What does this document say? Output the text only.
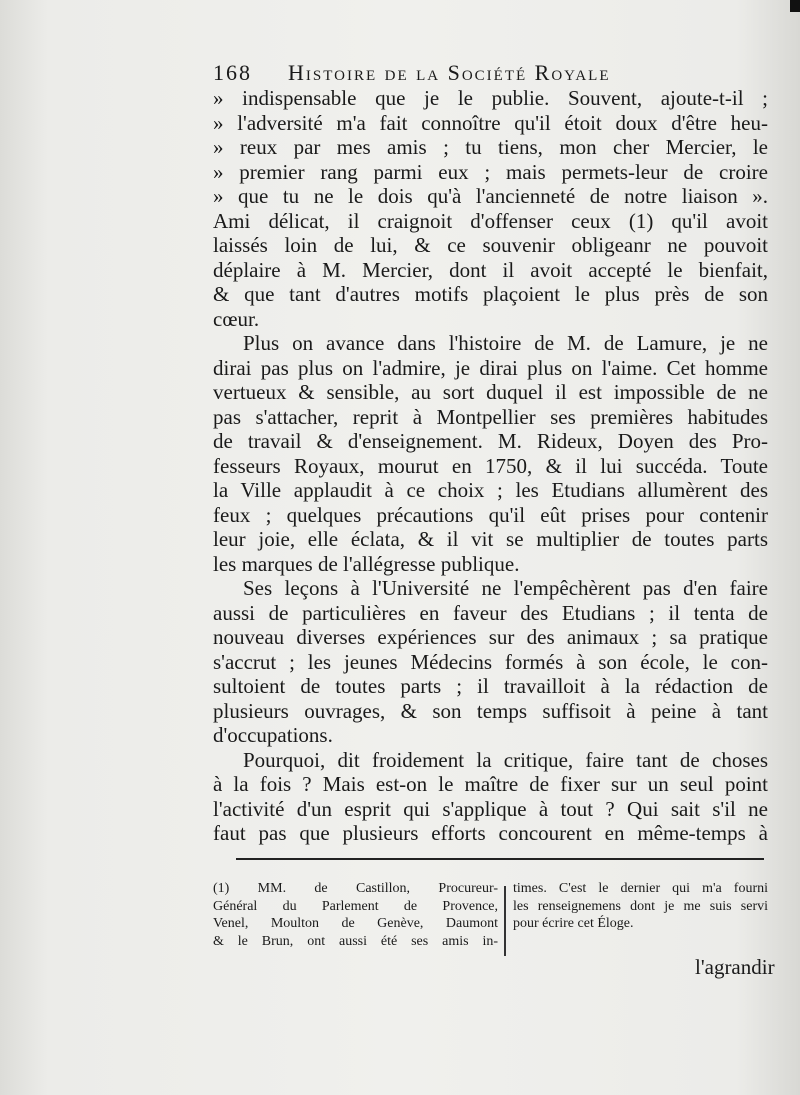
168 Histoire de la Société Royale
» indispensable que je le publie. Souvent, ajoute-t-il ;
» l'adversité m'a fait connoître qu'il étoit doux d'être heu-
» reux par mes amis ; tu tiens, mon cher Mercier, le
» premier rang parmi eux ; mais permets-leur de croire
» que tu ne le dois qu'à l'ancienneté de notre liaison ».
Ami délicat, il craignoit d'offenser ceux (1) qu'il avoit
laissés loin de lui, & ce souvenir obligeanr ne pouvoit
déplaire à M. Mercier, dont il avoit accepté le bienfait,
& que tant d'autres motifs plaçoient le plus près de son
cœur.
Plus on avance dans l'histoire de M. de Lamure, je ne
dirai pas plus on l'admire, je dirai plus on l'aime. Cet homme
vertueux & sensible, au sort duquel il est impossible de ne
pas s'attacher, reprit à Montpellier ses premières habitudes
de travail & d'enseignement. M. Rideux, Doyen des Pro-
fesseurs Royaux, mourut en 1750, & il lui succéda. Toute
la Ville applaudit à ce choix ; les Etudians allumèrent des
feux ; quelques précautions qu'il eût prises pour contenir
leur joie, elle éclata, & il vit se multiplier de toutes parts
les marques de l'allégresse publique.
Ses leçons à l'Université ne l'empêchèrent pas d'en faire
aussi de particulières en faveur des Etudians ; il tenta de
nouveau diverses expériences sur des animaux ; sa pratique
s'accrut ; les jeunes Médecins formés à son école, le con-
sultoient de toutes parts ; il travailloit à la rédaction de
plusieurs ouvrages, & son temps suffisoit à peine à tant
d'occupations.
Pourquoi, dit froidement la critique, faire tant de choses
à la fois ? Mais est-on le maître de fixer sur un seul point
l'activité d'un esprit qui s'applique à tout ? Qui sait s'il ne
faut pas que plusieurs efforts concourent en même-temps à
(1) MM. de Castillon, Procureur-
Général du Parlement de Provence,
Venel, Moulton de Genève, Daumont
& le Brun, ont aussi été ses amis in-
times. C'est le dernier qui m'a fourni
les renseignemens dont je me suis servi
pour écrire cet Éloge.
l'agrandir
